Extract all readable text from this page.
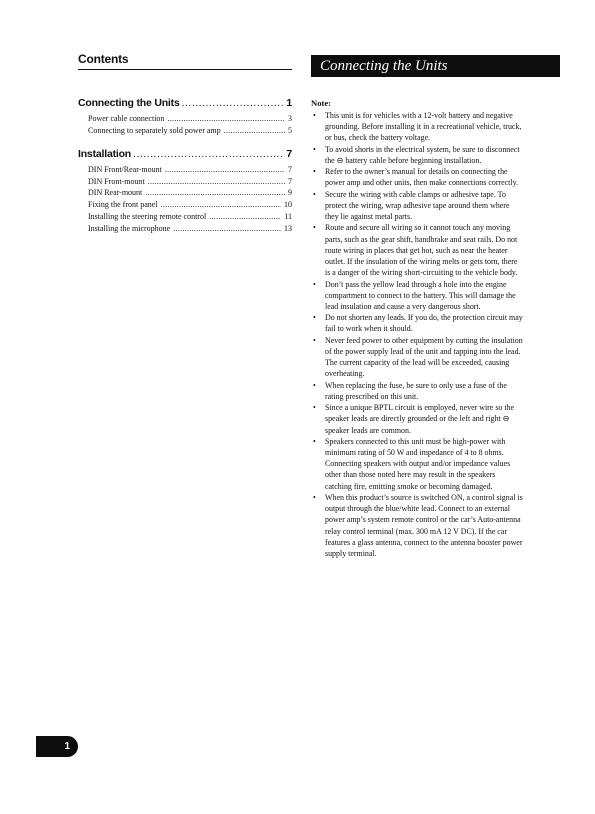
Contents
Connecting the Units .....	1
Power cable connection .....	3
Connecting to separately sold power amp .....	5
Installation .....	7
DIN Front/Rear-mount .....	7
DIN Front-mount .....	7
DIN Rear-mount .....	9
Fixing the front panel .....	10
Installing the steering remote control .....	11
Installing the microphone .....	13
Connecting the Units
Note:
• This unit is for vehicles with a 12-volt battery and negative grounding. Before installing it in a recreational vehicle, truck, or bus, check the battery voltage.
• To avoid shorts in the electrical system, be sure to disconnect the ⊖ battery cable before beginning installation.
• Refer to the owner’s manual for details on connecting the power amp and other units, then make connections correctly.
• Secure the wiring with cable clamps or adhesive tape. To protect the wiring, wrap adhesive tape around them where they lie against metal parts.
• Route and secure all wiring so it cannot touch any moving parts, such as the gear shift, handbrake and seat rails. Do not route wiring in places that get hot, such as near the heater outlet. If the insulation of the wiring melts or gets torn, there is a danger of the wiring short-circuiting to the vehicle body.
• Don’t pass the yellow lead through a hole into the engine compartment to connect to the battery. This will damage the lead insulation and cause a very dangerous short.
• Do not shorten any leads. If you do, the protection circuit may fail to work when it should.
• Never feed power to other equipment by cutting the insulation of the power supply lead of the unit and tapping into the lead. The current capacity of the lead will be exceeded, causing overheating.
• When replacing the fuse, be sure to only use a fuse of the rating prescribed on this unit.
• Since a unique BPTL circuit is employed, never wire so the speaker leads are directly grounded or the left and right ⊖ speaker leads are common.
• Speakers connected to this unit must be high-power with minimum rating of 50 W and impedance of 4 to 8 ohms. Connecting speakers with output and/or impedance values other than those noted here may result in the speakers catching fire, emitting smoke or becoming damaged.
• When this product’s source is switched ON, a control signal is output through the blue/white lead. Connect to an external power amp’s system remote control or the car’s Auto-antenna relay control terminal (max. 300 mA 12 V DC). If the car features a glass antenna, connect to the antenna booster power supply terminal.
1
